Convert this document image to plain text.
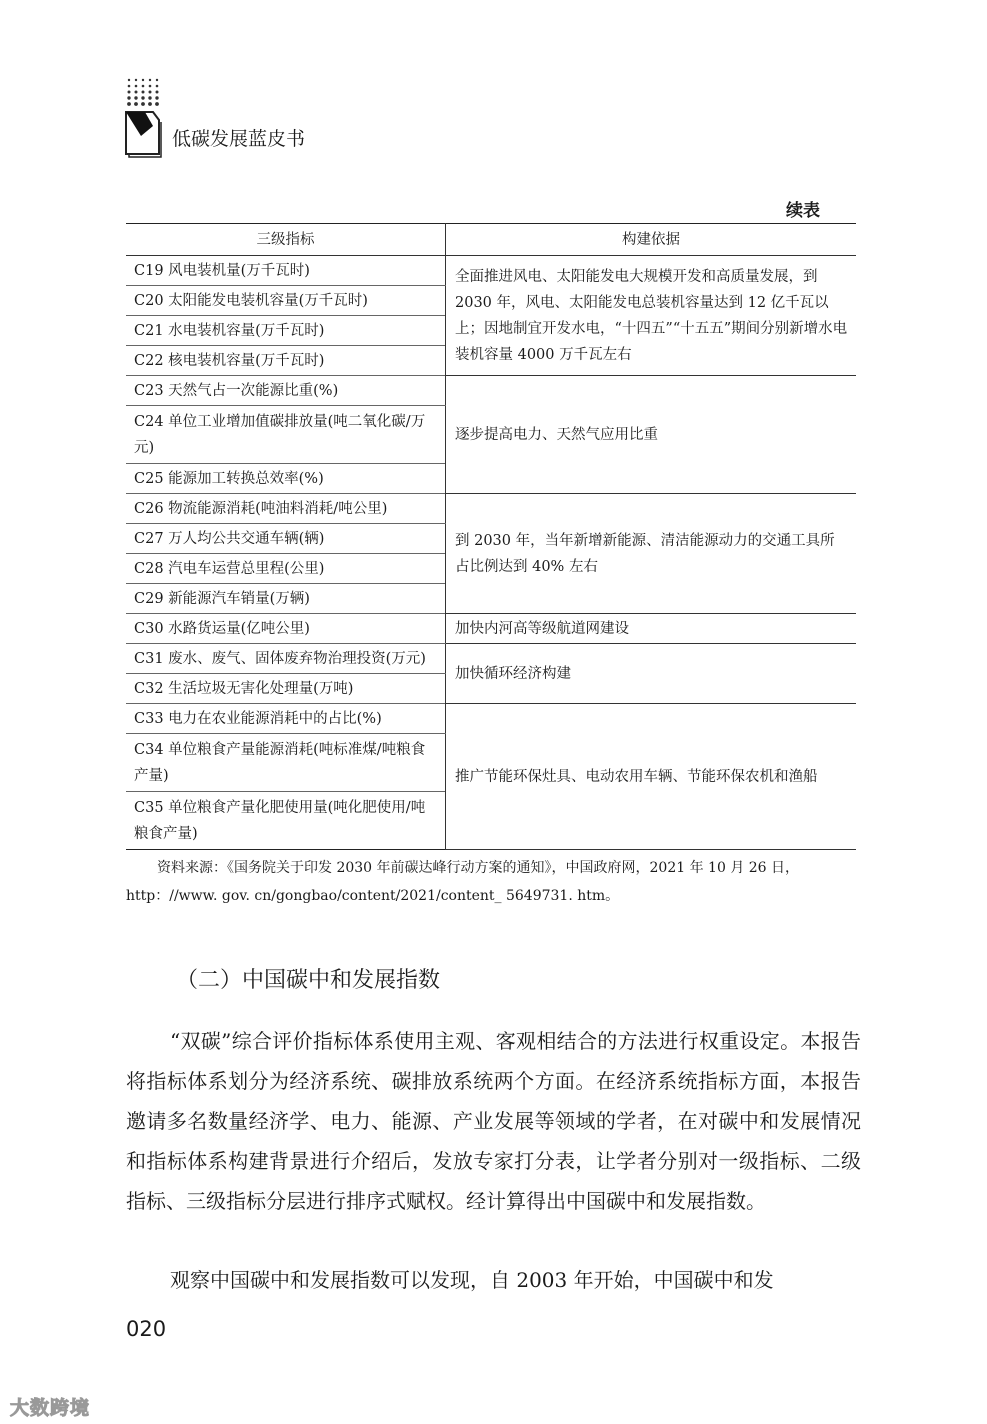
低碳发展蓝皮书
续表
三级指标	构建依据
C19 风电装机量(万千瓦时)	全面推进风电、太阳能发电大规模开发和高质量发展，到 2030 年，风电、太阳能发电总装机容量达到 12 亿千瓦以上；因地制宜开发水电，“十四五”“十五五”期间分别新增水电装机容量 4000 万千瓦左右
C20 太阳能发电装机容量(万千瓦时)	
C21 水电装机容量(万千瓦时)	
C22 核电装机容量(万千瓦时)	
C23 天然气占一次能源比重(%)	逐步提高电力、天然气应用比重
C24 单位工业增加值碳排放量(吨二氧化碳/万元)	
C25 能源加工转换总效率(%)	
C26 物流能源消耗(吨油料消耗/吨公里)	到 2030 年，当年新增新能源、清洁能源动力的交通工具所占比例达到 40% 左右
C27 万人均公共交通车辆(辆)	
C28 汽电车运营总里程(公里)	
C29 新能源汽车销量(万辆)	
C30 水路货运量(亿吨公里)	加快内河高等级航道网建设
C31 废水、废气、固体废弃物治理投资(万元)	加快循环经济构建
C32 生活垃圾无害化处理量(万吨)	
C33 电力在农业能源消耗中的占比(%)	推广节能环保灶具、电动农用车辆、节能环保农机和渔船
C34 单位粮食产量能源消耗(吨标准煤/吨粮食产量)	
C35 单位粮食产量化肥使用量(吨化肥使用/吨粮食产量)	
资料来源：《国务院关于印发 2030 年前碳达峰行动方案的通知》，中国政府网，2021 年 10 月 26 日，http：//www. gov. cn/gongbao/content/2021/content_ 5649731. htm。
（二）中国碳中和发展指数
“双碳”综合评价指标体系使用主观、客观相结合的方法进行权重设定。本报告将指标体系划分为经济系统、碳排放系统两个方面。在经济系统指标方面，本报告邀请多名数量经济学、电力、能源、产业发展等领域的学者，在对碳中和发展情况和指标体系构建背景进行介绍后，发放专家打分表，让学者分别对一级指标、二级指标、三级指标分层进行排序式赋权。经计算得出中国碳中和发展指数。
观察中国碳中和发展指数可以发现，自 2003 年开始，中国碳中和发
020
大数跨境
